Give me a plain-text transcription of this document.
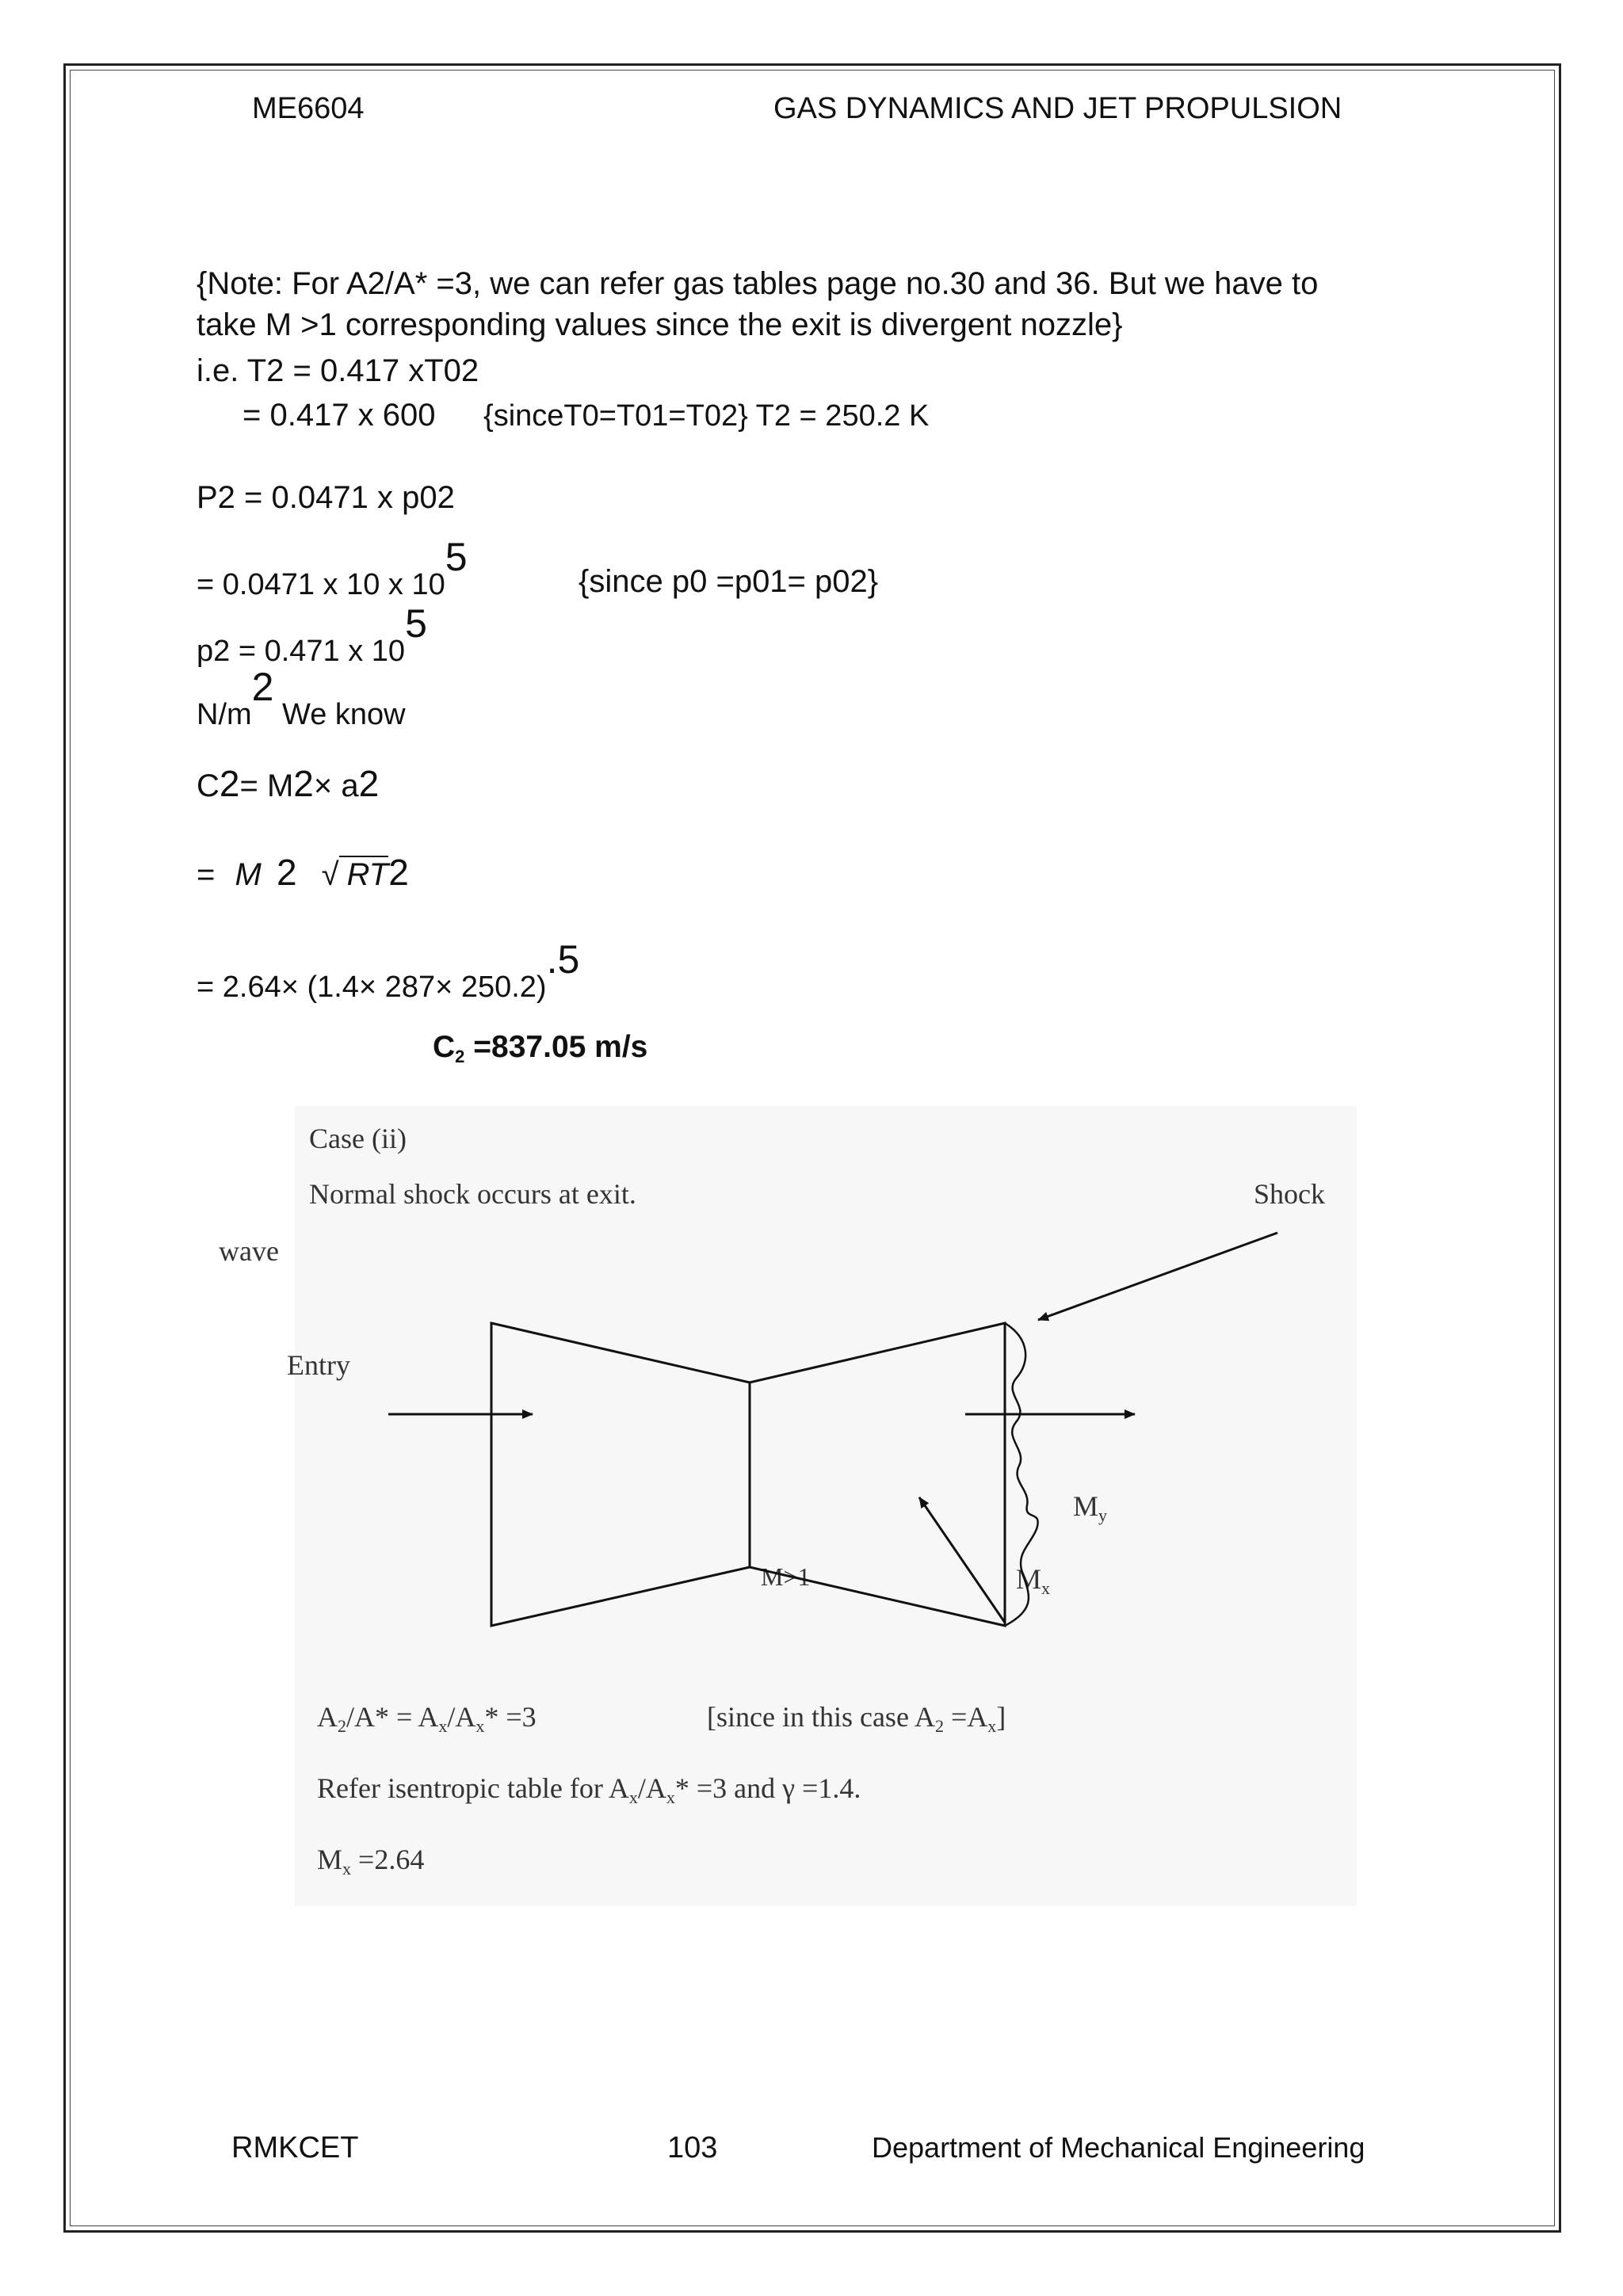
ME6604	GAS DYNAMICS AND JET PROPULSION
{Note: For A2/A* =3, we can refer gas tables page no.30 and 36. But we have to
take M >1 corresponding values since the exit is divergent nozzle}
i.e. T2 = 0.417 xT02
= 0.417 x 600 {sinceT0=T01=T02} T2 = 250.2 K
P2 = 0.0471 x p02
= 0.0471 x 10 x 105
{since p0 =p01= p02}
p2 = 0.471 x 105
N/m2 We know
C2= M2× a2
= M 2 √ RT2
= 2.64× (1.4× 287× 250.2).5
C2 =837.05 m/s
Case (ii)
Normal shock occurs at exit.	Shock
wave
Entry
M>1
My
Mx
A2/A* = Ax/Ax* =3	[since in this case A2 =Ax]
Refer isentropic table for Ax/Ax* =3 and γ =1.4.
Mx =2.64
RMKCET	103	Department of Mechanical Engineering
